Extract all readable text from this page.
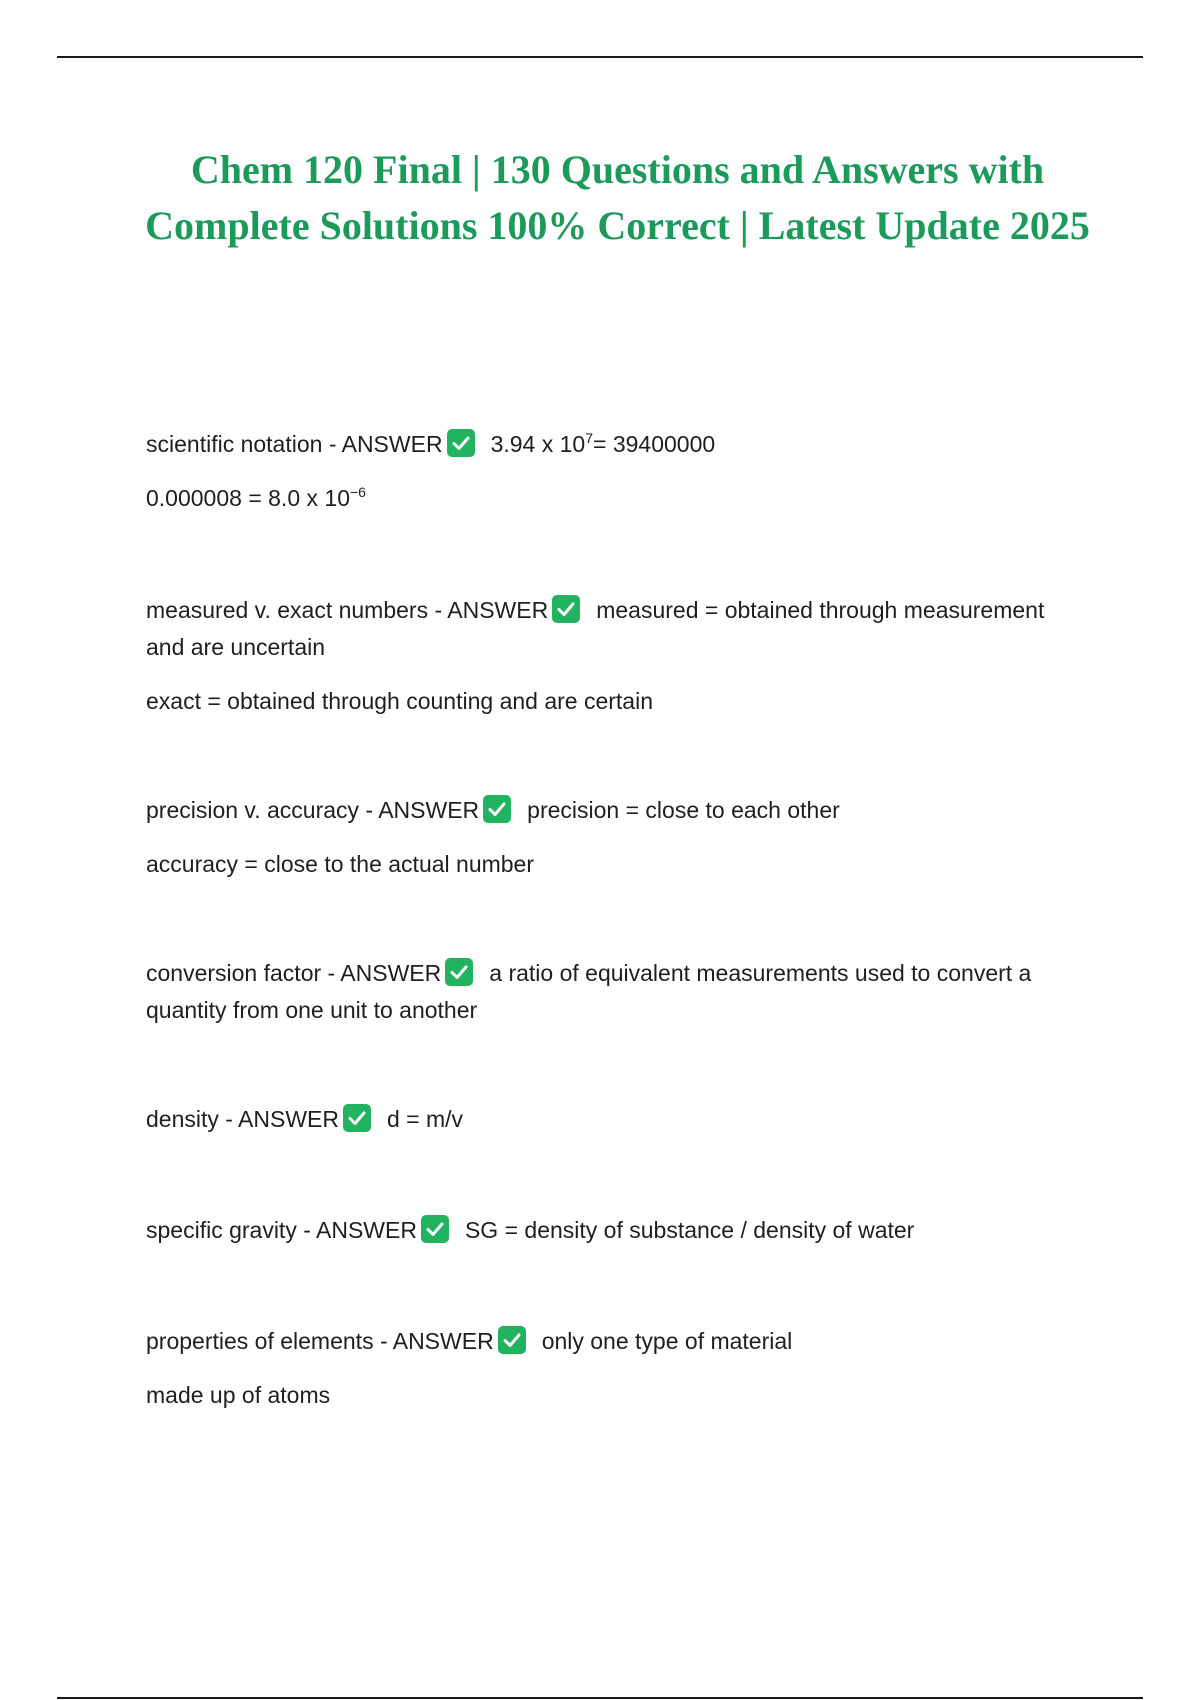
Chem 120 Final | 130 Questions and Answers with Complete Solutions 100% Correct | Latest Update 2025

scientific notation - ANSWER 3.94 x $10^7= 39400000$

0.000008 = 8.0 x $10^{-6}$

measured v. exact numbers - ANSWER measured = obtained through measurement and are uncertain

exact = obtained through counting and are certain

precision v. accuracy - ANSWER precision = close to each other

accuracy = close to the actual number

conversion factor - ANSWER a ratio of equivalent measurements used to convert a quantity from one unit to another

density - ANSWER d = m/v

specific gravity - ANSWER SG = density of substance / density of water

properties of elements - ANSWER only one type of material

made up of atoms
